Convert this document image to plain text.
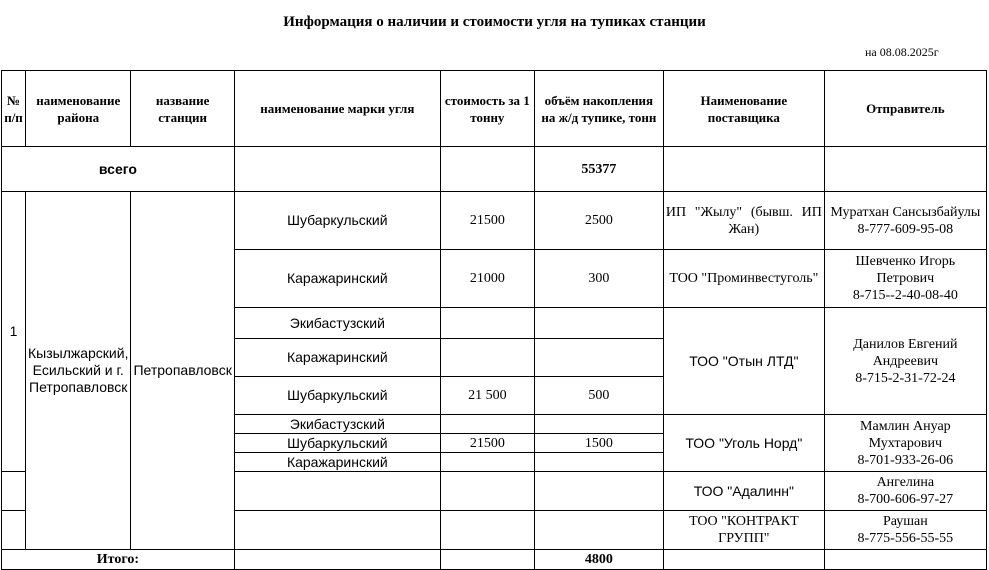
Информация о наличии и стоимости угля на тупиках станции
на 08.08.2025г
№ п/п	наименование района	название станции	наименование марки угля	стоимость за 1 тонну	объём накопления на ж/д тупике, тонн	Наименование поставщика	Отправитель
всего					55377		
1	Кызылжарский, Есильский и г. Петропавловск	Петропавловск	Шубаркульский	21500	2500	ИП "Жылу" (бывш. ИП Жан)	Муратхан Сансызбайулы
8-777-609-95-08

			Каражаринский	21000	300	ТОО "Проминвестуголь"	Шевченко Игорь Петрович
8-715--2-40-08-40

			Экибастузский			ТОО "Отын ЛТД"	Данилов Евгений Андреевич
8-715-2-31-72-24

			Каражаринский				
			Шубаркульский	21 500	500		
			Экибастузский			ТОО "Уголь Норд"	Мамлин Ануар Мухтарович
8-701-933-26-06

			Шубаркульский	21500	1500		
			Каражаринский				
						ТОО "Адалинн"	Ангелина
8-700-606-97-27

						ТОО "КОНТРАКТ ГРУПП"	Раушан
8-775-556-55-55

Итого:					4800		
